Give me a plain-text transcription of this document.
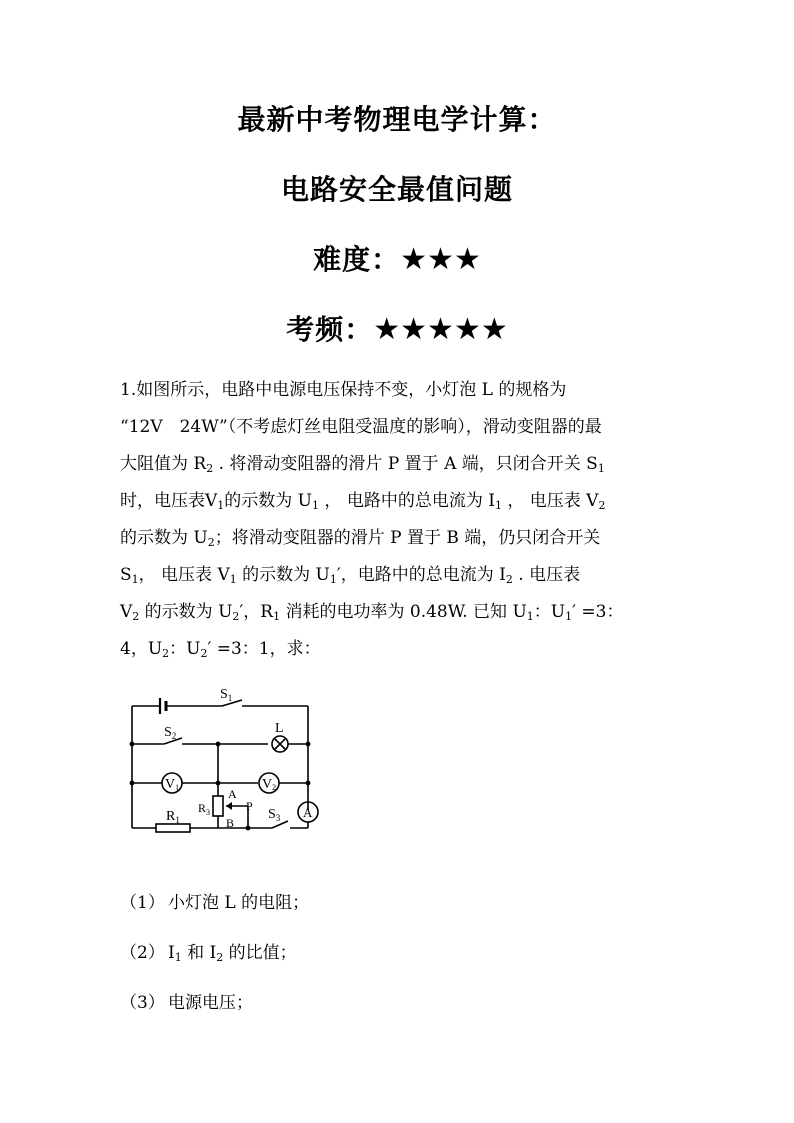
最新中考物理电学计算：
电路安全最值问题
难度：★★★
考频：★★★★★
1.如图所示，电路中电源电压保持不变，小灯泡 L 的规格为
“12V　24W”（不考虑灯丝电阻受温度的影响），滑动变阻器的最
大阻值为 $R_2$ . 将滑动变阻器的滑片 P 置于 A 端，只闭合开关 $S_1$
时，电压表$V_1$的示数为 $U_1$ ， 电路中的总电流为 $I_1$ ， 电压表 $V_2$
的示数为 $U_2$；将滑动变阻器的滑片 P 置于 B 端，仍只闭合开关
$S_1$， 电压表 $V_1$ 的示数为 $U_1'$，电路中的总电流为 $I_2$ . 电压表
$V_2$ 的示数为 $U_2'$，$R_1$ 消耗的电功率为 0.48W. 已知 $U_1$：$U_1' =3$：
4，$U_2$：$U_2' =3$：1，求：
$S_1$
$S_2$	L
V1	V2
$R_1$
$R_3$
A
B
P
$S_3$ A
（1） 小灯泡 L 的电阻；
（2） $I_1$ 和 $I_2$ 的比值；
（3） 电源电压；
